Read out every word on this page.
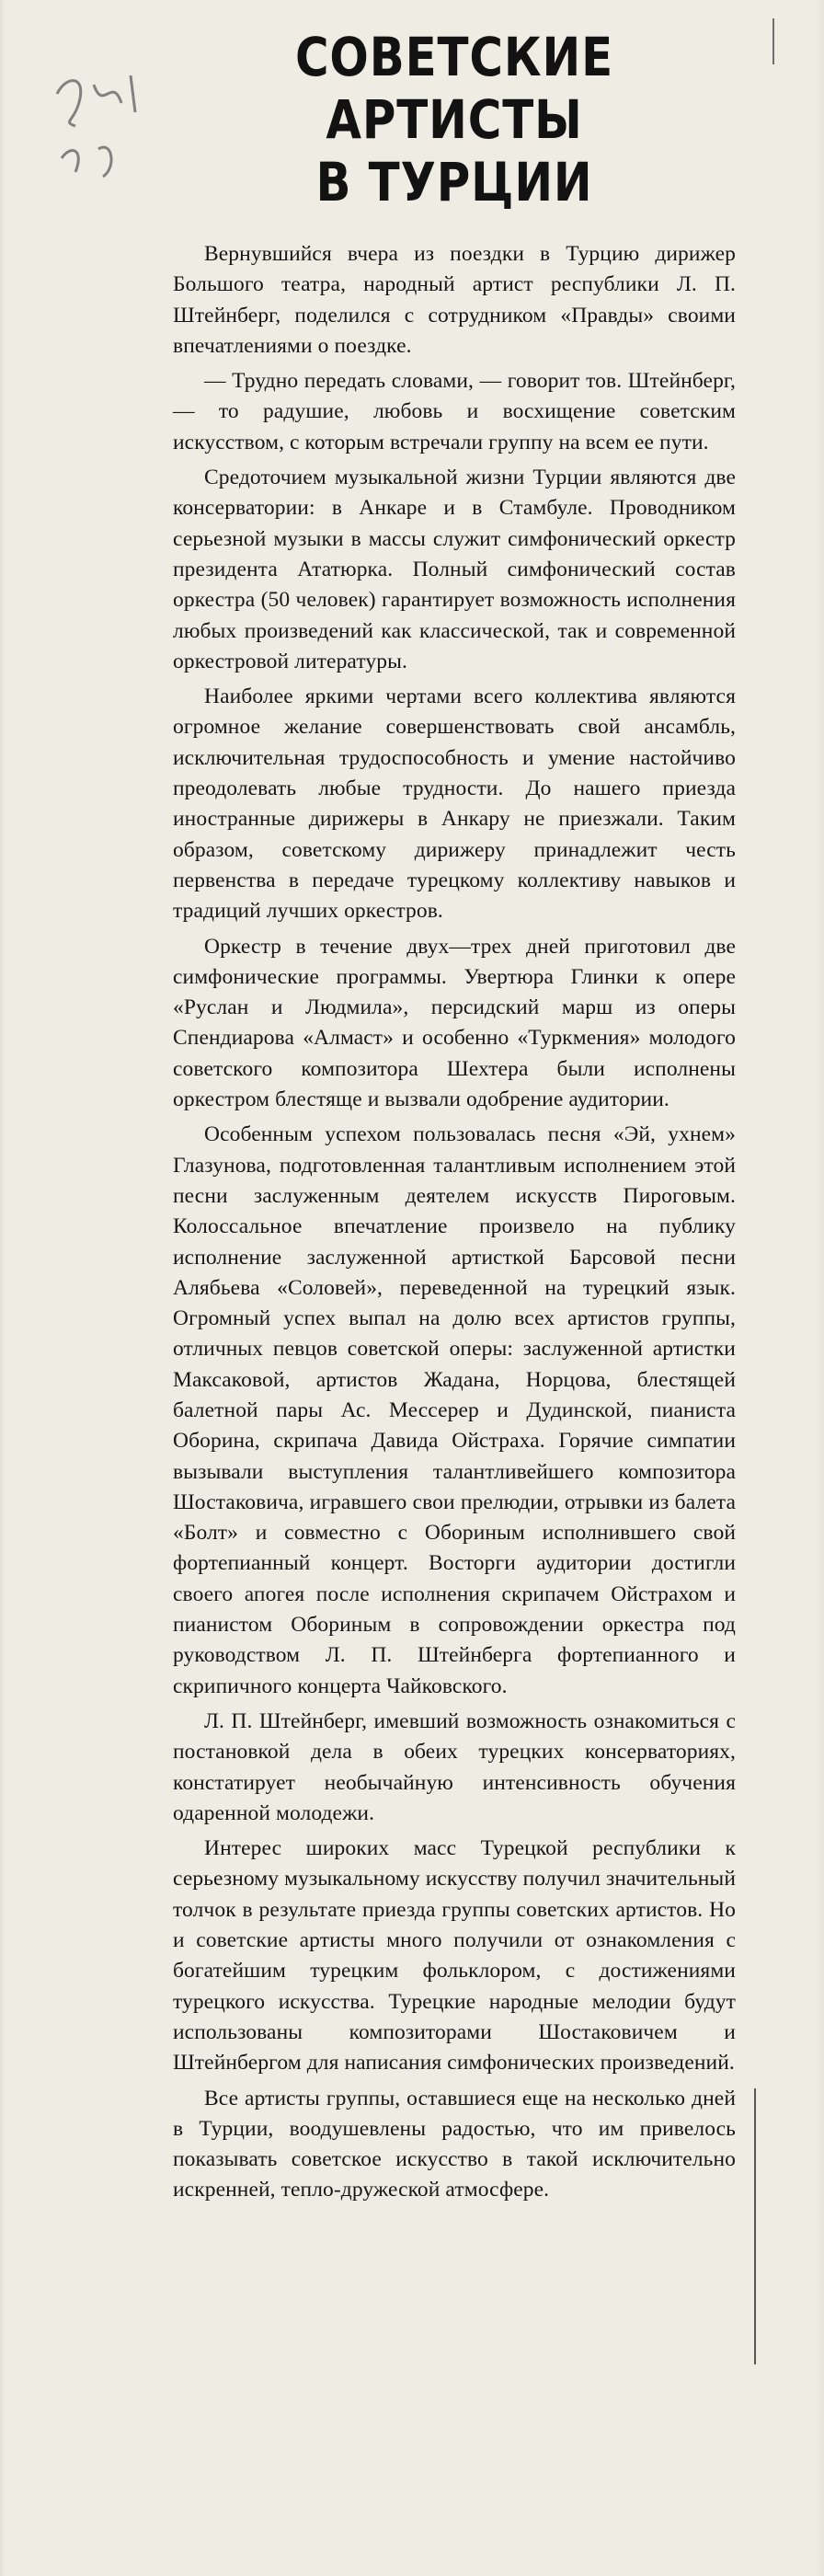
СОВЕТСКИЕ АРТИСТЫ
В ТУРЦИИ

Вернувшийся вчера из поездки в Турцию дирижер Большого театра, народный артист республики Л. П. Штейнберг, поделился с сотрудником «Правды» своими впечатлениями о поездке.

— Трудно передать словами, — говорит тов. Штейнберг, — то радушие, любовь и восхищение советским искусством, с которым встречали группу на всем ее пути.

Средоточием музыкальной жизни Турции являются две консерватории: в Анкаре и в Стамбуле. Проводником серьезной музыки в массы служит симфонический оркестр президента Ататюрка. Полный симфонический состав оркестра (50 человек) гарантирует возможность исполнения любых произведений как классической, так и современной оркестровой литературы.

Наиболее яркими чертами всего коллектива являются огромное желание совершенствовать свой ансамбль, исключительная трудоспособность и умение настойчиво преодолевать любые трудности. До нашего приезда иностранные дирижеры в Анкару не приезжали. Таким образом, советскому дирижеру принадлежит честь первенства в передаче турецкому коллективу навыков и традиций лучших оркестров.

Оркестр в течение двух—трех дней приготовил две симфонические программы. Увертюра Глинки к опере «Руслан и Людмила», персидский марш из оперы Спендиарова «Алмаст» и особенно «Туркмения» молодого советского композитора Шехтера были исполнены оркестром блестяще и вызвали одобрение аудитории.

Особенным успехом пользовалась песня «Эй, ухнем» Глазунова, подготовленная талантливым исполнением этой песни заслуженным деятелем искусств Пироговым. Колоссальное впечатление произвело на публику исполнение заслуженной артисткой Барсовой песни Алябьева «Соловей», переведенной на турецкий язык. Огромный успех выпал на долю всех артистов группы, отличных певцов советской оперы: заслуженной артистки Максаковой, артистов Жадана, Норцова, блестящей балетной пары Ас. Мессерер и Дудинской, пианиста Оборина, скрипача Давида Ойстраха. Горячие симпатии вызывали выступления талантливейшего композитора Шостаковича, игравшего свои прелюдии, отрывки из балета «Болт» и совместно с Обориным исполнившего свой фортепианный концерт. Восторги аудитории достигли своего апогея после исполнения скрипачем Ойстрахом и пианистом Обориным в сопровождении оркестра под руководством Л. П. Штейнберга фортепианного и скрипичного концерта Чайковского.

Л. П. Штейнберг, имевший возможность ознакомиться с постановкой дела в обеих турецких консерваториях, констатирует необычайную интенсивность обучения одаренной молодежи.

Интерес широких масс Турецкой республики к серьезному музыкальному искусству получил значительный толчок в результате приезда группы советских артистов. Но и советские артисты много получили от ознакомления с богатейшим турецким фольклором, с достижениями турецкого искусства. Турецкие народные мелодии будут использованы композиторами Шостаковичем и Штейнбергом для написания симфонических произведений.

Все артисты группы, оставшиеся еще на несколько дней в Турции, воодушевлены радостью, что им привелось показывать советское искусство в такой исключительно искренней, тепло-дружеской атмосфере.
